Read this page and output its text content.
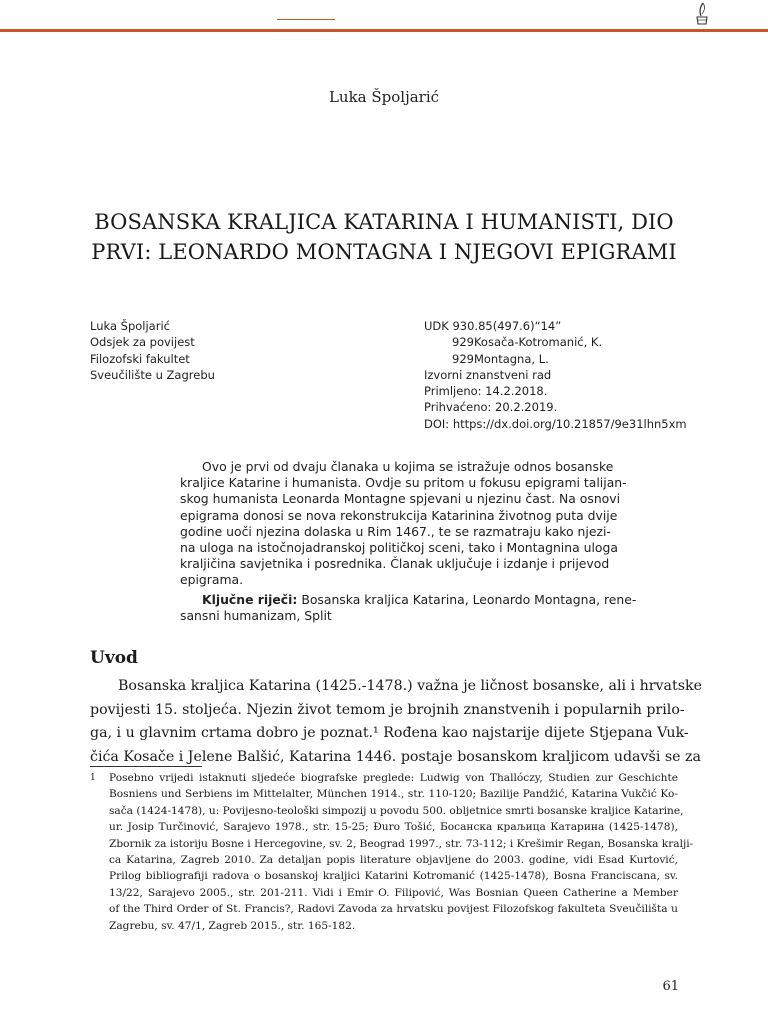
Luka Špoljarić
BOSANSKA KRALJICA KATARINA I HUMANISTI, DIO
PRVI: LEONARDO MONTAGNA I NJEGOVI EPIGRAMI
Luka Špoljarić
Odsjek za povijest
Filozofski fakultet
Sveučilište u Zagrebu
UDK 930.85(497.6)“14”
929Kosača-Kotromanić, K.
929Montagna, L.
Izvorni znanstveni rad
Primljeno: 14.2.2018.
Prihvaćeno: 20.2.2019.
DOI: https://dx.doi.org/10.21857/9e31lhn5xm
Ovo je prvi od dvaju članaka u kojima se istražuje odnos bosanske
kraljice Katarine i humanista. Ovdje su pritom u fokusu epigrami talijan-
skog humanista Leonarda Montagne spjevani u njezinu čast. Na osnovi
epigrama donosi se nova rekonstrukcija Katarinina životnog puta dvije
godine uoči njezina dolaska u Rim 1467., te se razmatraju kako njezi-
na uloga na istočnojadranskoj političkoj sceni, tako i Montagnina uloga
kraljičina savjetnika i posrednika. Članak uključuje i izdanje i prijevod
epigrama.
Ključne riječi: Bosanska kraljica Katarina, Leonardo Montagna, rene-
sansni humanizam, Split
Uvod
Bosanska kraljica Katarina (1425.-1478.) važna je ličnost bosanske, ali i hrvatske
povijesti 15. stoljeća. Njezin život temom je brojnih znanstvenih i popularnih prilo-
ga, i u glavnim crtama dobro je poznat.¹ Rođena kao najstarije dijete Stjepana Vuk-
čića Kosače i Jelene Balšić, Katarina 1446. postaje bosanskom kraljicom udavši se za
1 Posebno vrijedi istaknuti sljedeće biografske preglede: Ludwig von Thallóczy, Studien zur Geschichte
Bosniens und Serbiens im Mittelalter, München 1914., str. 110-120; Bazilije Pandžić, Katarina Vukčić Ko-
sača (1424-1478), u: Povijesno-teološki simpozij u povodu 500. obljetnice smrti bosanske kraljice Katarine,
ur. Josip Turčinović, Sarajevo 1978., str. 15-25; Đuro Tošić, Босанска краљица Катарина (1425-1478),
Zbornik za istoriju Bosne i Hercegovine, sv. 2, Beograd 1997., str. 73-112; i Krešimir Regan, Bosanska kralji-
ca Katarina, Zagreb 2010. Za detaljan popis literature objavljene do 2003. godine, vidi Esad Kurtović,
Prilog bibliografiji radova o bosanskoj kraljici Katarini Kotromanić (1425-1478), Bosna Franciscana, sv.
13/22, Sarajevo 2005., str. 201-211. Vidi i Emir O. Filipović, Was Bosnian Queen Catherine a Member
of the Third Order of St. Francis?, Radovi Zavoda za hrvatsku povijest Filozofskog fakulteta Sveučilišta u
Zagrebu, sv. 47/1, Zagreb 2015., str. 165-182.
61
